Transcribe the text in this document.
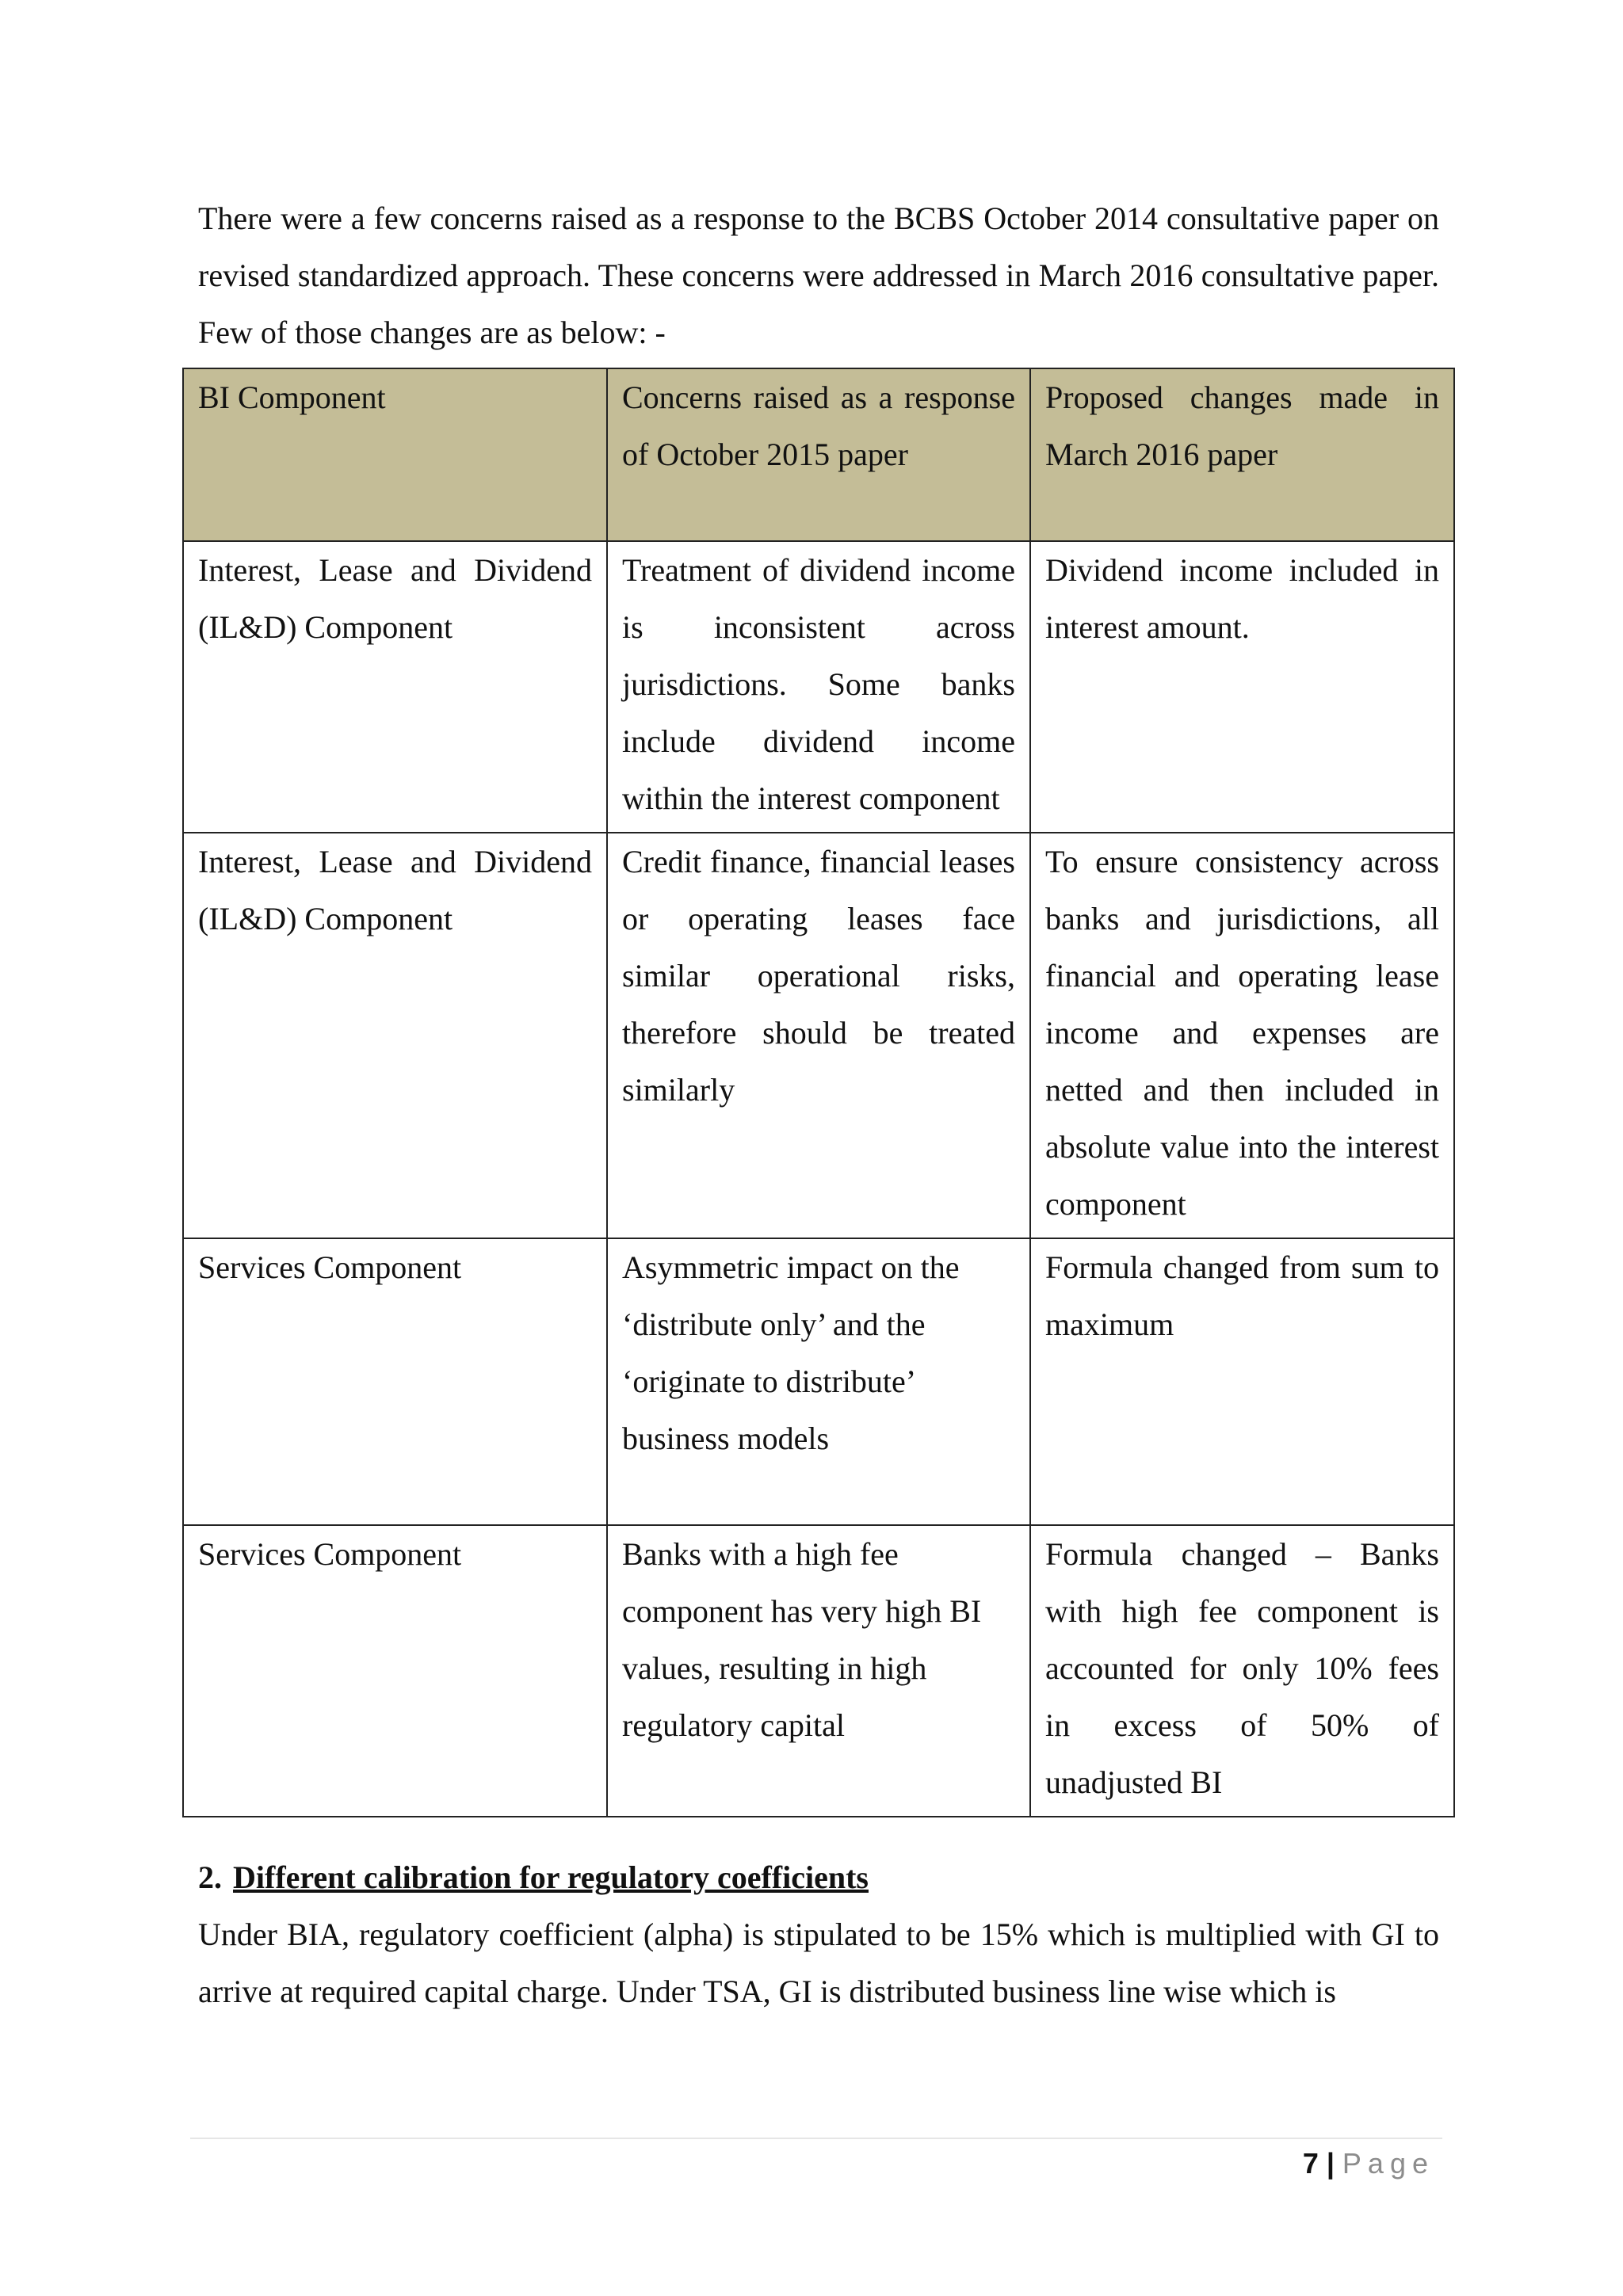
There were a few concerns raised as a response to the BCBS October 2014 consultative paper on revised standardized approach. These concerns were addressed in March 2016 consultative paper. Few of those changes are as below: -

BI Component	Concerns raised as a response of October 2015 paper	Proposed changes made in March 2016 paper

Interest, Lease and Dividend (IL&D) Component	Treatment of dividend income is inconsistent across jurisdictions. Some banks include dividend income within the interest component	Dividend income included in interest amount.

Interest, Lease and Dividend (IL&D) Component	Credit finance, financial leases or operating leases face similar operational risks, therefore should be treated similarly	To ensure consistency across banks and jurisdictions, all financial and operating lease income and expenses are netted and then included in absolute value into the interest component

Services Component	Asymmetric impact on the ‘distribute only’ and the ‘originate to distribute’ business models	Formula changed from sum to maximum

Services Component	Banks with a high fee component has very high BI values, resulting in high regulatory capital	Formula changed – Banks with high fee component is accounted for only 10% fees in excess of 50% of unadjusted BI

2. Different calibration for regulatory coefficients

Under BIA, regulatory coefficient (alpha) is stipulated to be 15% which is multiplied with GI to arrive at required capital charge. Under TSA, GI is distributed business line wise which is

7 | Page
